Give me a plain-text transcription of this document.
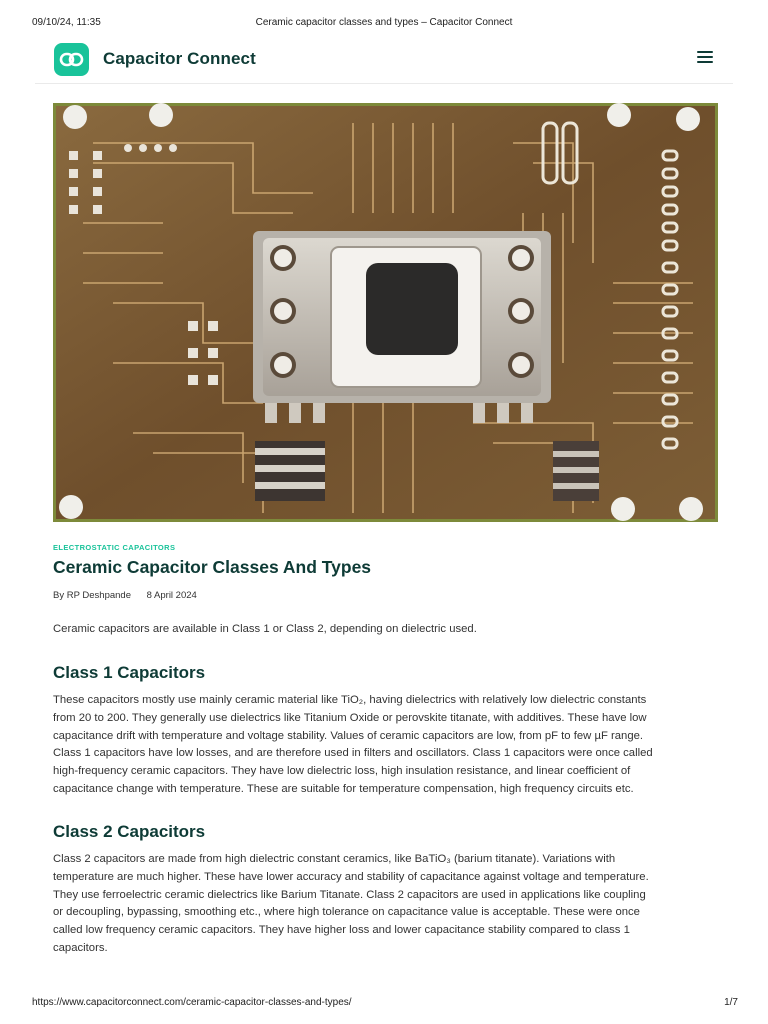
09/10/24, 11:35	Ceramic capacitor classes and types – Capacitor Connect
Capacitor Connect
ELECTROSTATIC CAPACITORS
Ceramic Capacitor Classes And Types
By RP Deshpande 8 April 2024

Ceramic capacitors are available in Class 1 or Class 2, depending on dielectric used.

Class 1 Capacitors
These capacitors mostly use mainly ceramic material like TiO₂, having dielectrics with relatively low dielectric constants
from 20 to 200. They generally use dielectrics like Titanium Oxide or perovskite titanate, with additives. These have low
capacitance drift with temperature and voltage stability. Values of ceramic capacitors are low, from pF to few µF range.
Class 1 capacitors have low losses, and are therefore used in filters and oscillators. Class 1 capacitors were once called
high-frequency ceramic capacitors. They have low dielectric loss, high insulation resistance, and linear coefficient of
capacitance change with temperature. These are suitable for temperature compensation, high frequency circuits etc.
Class 2 Capacitors
Class 2 capacitors are made from high dielectric constant ceramics, like BaTiO₃ (barium titanate). Variations with
temperature are much higher. These have lower accuracy and stability of capacitance against voltage and temperature.
They use ferroelectric ceramic dielectrics like Barium Titanate. Class 2 capacitors are used in applications like coupling
or decoupling, bypassing, smoothing etc., where high tolerance on capacitance value is acceptable. These were once
called low frequency ceramic capacitors. They have higher loss and lower capacitance stability compared to class 1
capacitors.
https://www.capacitorconnect.com/ceramic-capacitor-classes-and-types/	1/7
